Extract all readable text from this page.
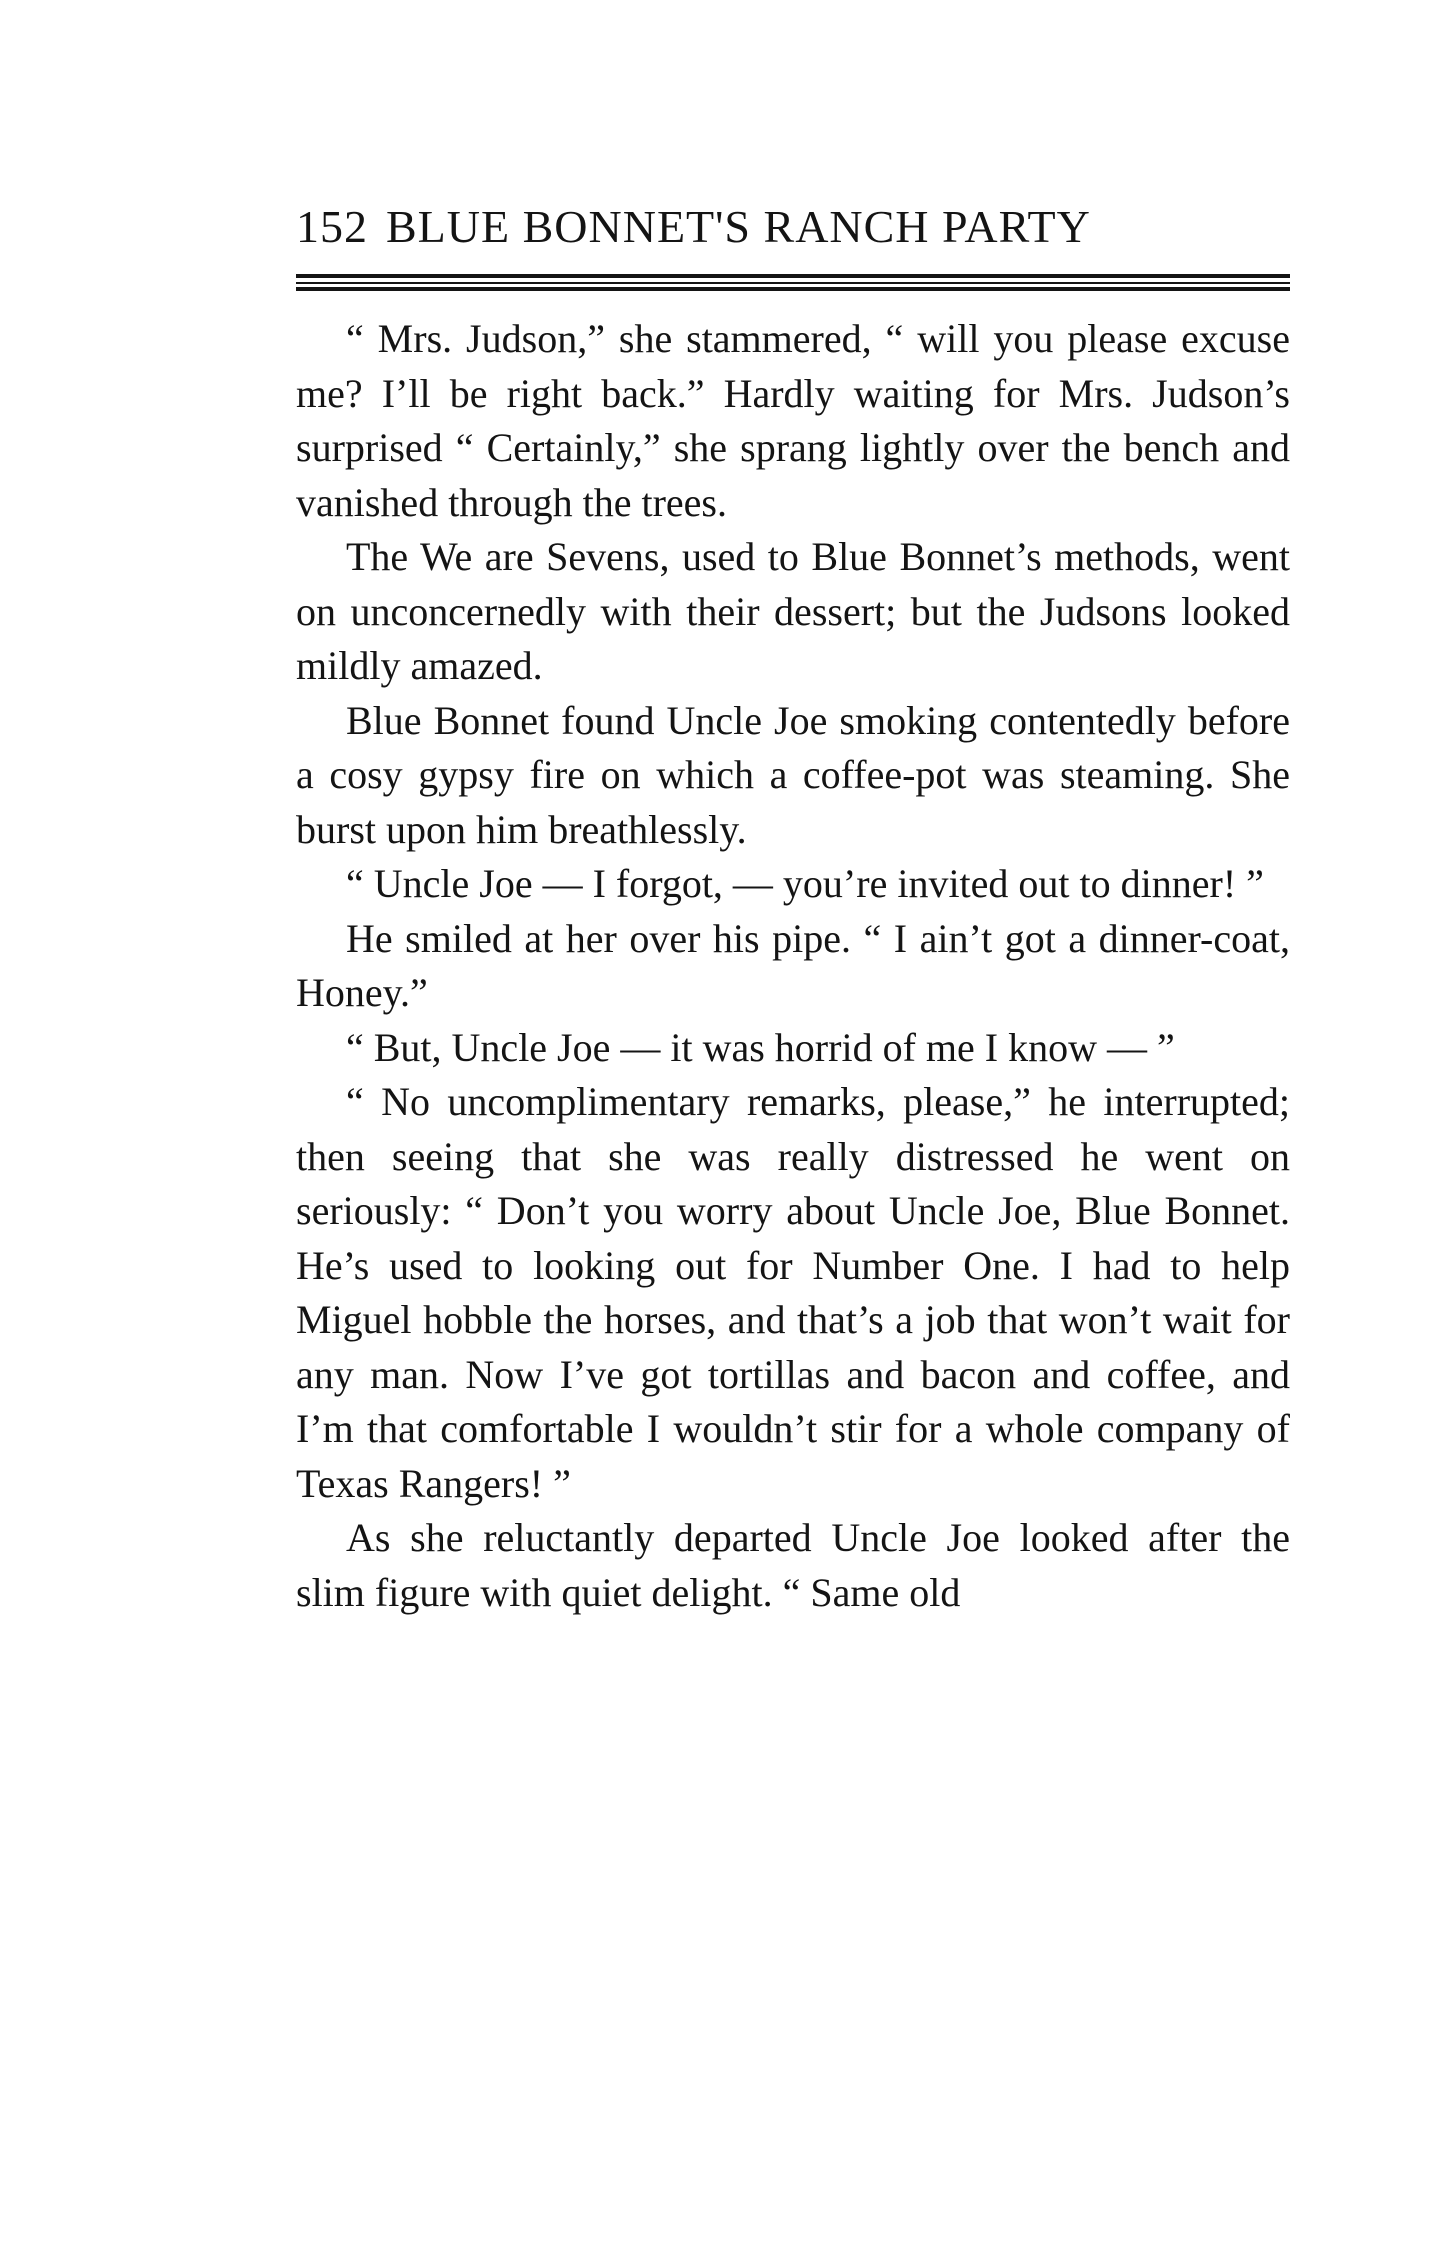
152 BLUE BONNET'S RANCH PARTY

“ Mrs. Judson,” she stammered, “ will you please excuse me? I’ll be right back.” Hardly waiting for Mrs. Judson’s surprised “ Certainly,” she sprang lightly over the bench and vanished through the trees.

The We are Sevens, used to Blue Bonnet’s methods, went on unconcernedly with their dessert; but the Judsons looked mildly amazed.

Blue Bonnet found Uncle Joe smoking contentedly before a cosy gypsy fire on which a coffee-pot was steaming. She burst upon him breathlessly.

“ Uncle Joe — I forgot, — you’re invited out to dinner! ”

He smiled at her over his pipe. “ I ain’t got a dinner-coat, Honey.”

“ But, Uncle Joe — it was horrid of me I know — ”

“ No uncomplimentary remarks, please,” he interrupted; then seeing that she was really distressed he went on seriously: “ Don’t you worry about Uncle Joe, Blue Bonnet. He’s used to looking out for Number One. I had to help Miguel hobble the horses, and that’s a job that won’t wait for any man. Now I’ve got tortillas and bacon and coffee, and I’m that comfortable I wouldn’t stir for a whole company of Texas Rangers! ”

As she reluctantly departed Uncle Joe looked after the slim figure with quiet delight. “ Same old
